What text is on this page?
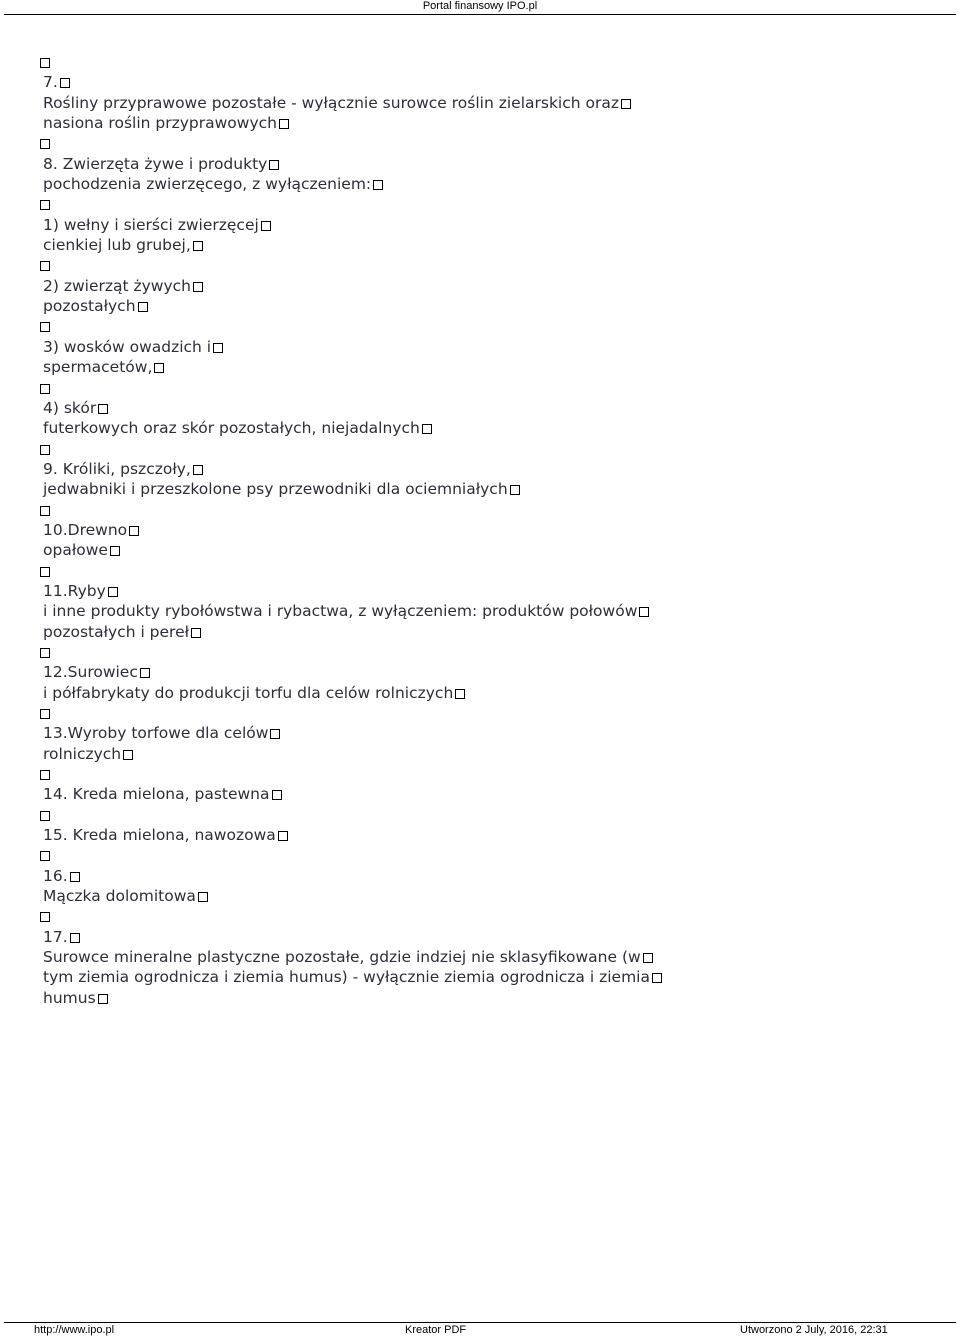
Portal finansowy IPO.pl
7.
Rośliny przyprawowe pozostałe - wyłącznie surowce roślin zielarskich oraz
nasiona roślin przyprawowych
8. Zwierzęta żywe i produkty
pochodzenia zwierzęcego, z wyłączeniem:
1) wełny i sierści zwierzęcej
cienkiej lub grubej,
2) zwierząt żywych
pozostałych
3) wosków owadzich i
spermacetów,
4) skór
futerkowych oraz skór pozostałych, niejadalnych
9. Króliki, pszczoły,
jedwabniki i przeszkolone psy przewodniki dla ociemniałych
10.Drewno
opałowe
11.Ryby
i inne produkty rybołówstwa i rybactwa, z wyłączeniem: produktów połowów
pozostałych i pereł
12.Surowiec
i półfabrykaty do produkcji torfu dla celów rolniczych
13.Wyroby torfowe dla celów
rolniczych
14. Kreda mielona, pastewna
15. Kreda mielona, nawozowa
16.
Mączka dolomitowa
17.
Surowce mineralne plastyczne pozostałe, gdzie indziej nie sklasyfikowane (w
tym ziemia ogrodnicza i ziemia humus) - wyłącznie ziemia ogrodnicza i ziemia
humus
http://www.ipo.pl	Kreator PDF	Utworzono 2 July, 2016, 22:31
